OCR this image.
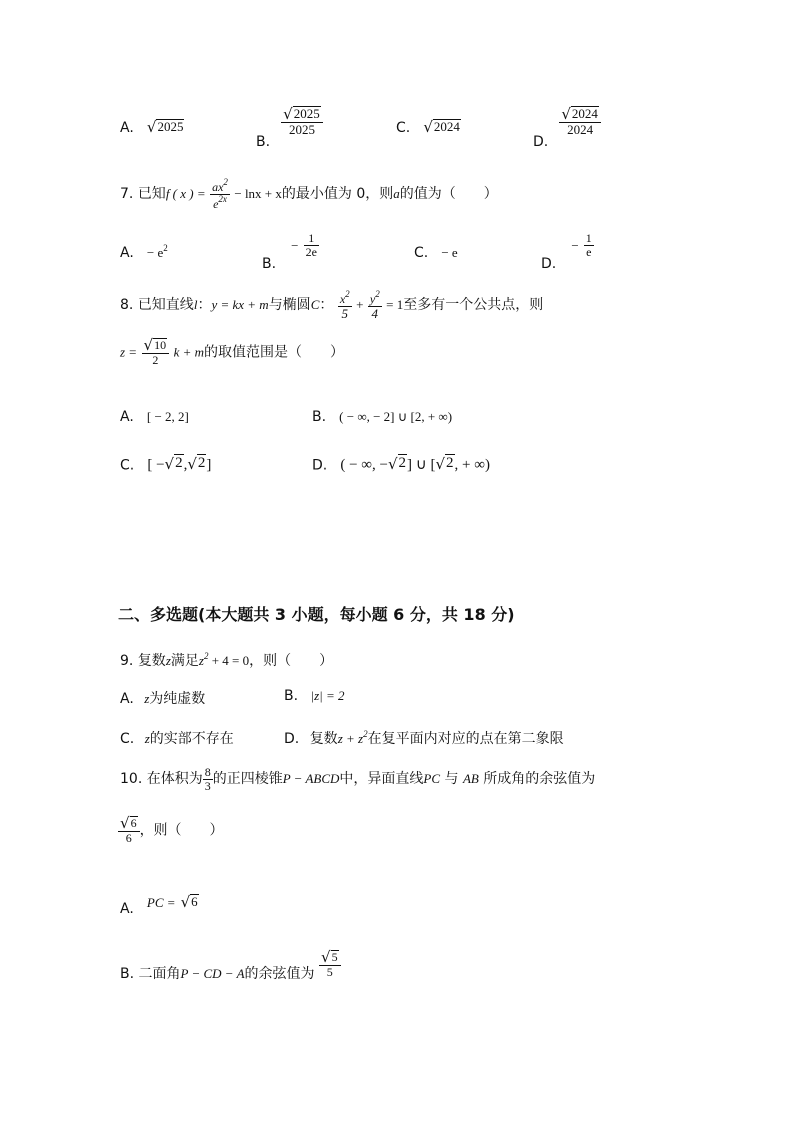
A. √ 2025
B.
$\frac{√ 2025}{2025}$	C. √ 2024
D.
$\frac{√ 2024}{2024}$
7. 已知f ( x ) = $\frac{ax^2}{e^{2x}} - \ln x + x$的最小值为 0，则a的值为（　　）
A. − $e^2$
B. − $\frac{1}{2e}$	C. − e
D. − $\frac{1}{e}$
8. 已知直线l：y = kx + m与椭圆C： $\frac{x^2}{5} + \frac{y^2}{4} = 1$至多有一个公共点，则
$z = \frac{√ 10}{2}$ k + m的取值范围是（　　）
A. [ − 2, 2]	B. ( − ∞, − 2] ∪ [2, + ∞)
C. [ − √ 2 , √ 2 ]	D. ( − ∞, − √ 2 ] ∪ [ √ 2 , + ∞)
二、多选题(本大题共 3 小题，每小题 6 分，共 18 分)
9. 复数z满足$z^2 + 4 = 0$，则（　　）
A. z为纯虚数	B. |z| = 2
C. z的实部不存在	D. 复数$z + z^2$在复平面内对应的点在第二象限
10. 在体积为 $\frac{8}{3}$ 的正四棱锥P − ABCD中，异面直线PC 与 AB 所成角的余弦值为
$\frac{√ 6}{6}$ ，则（　　）
A. PC = √ 6
B. 二面角P − CD − A的余弦值为 $\frac{√ 5}{5}$
